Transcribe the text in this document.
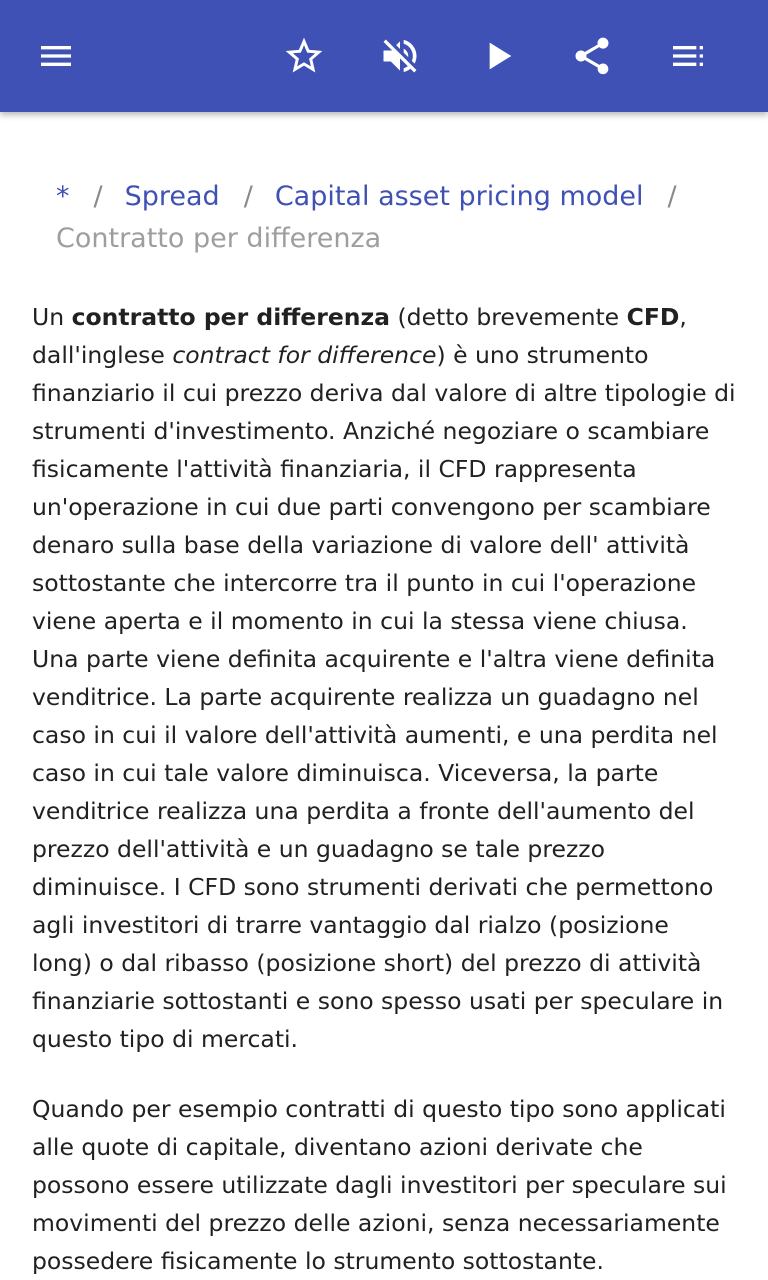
* / Spread / Capital asset pricing model /
Contratto per differenza

Un contratto per differenza (detto brevemente CFD, dall'inglese contract for difference) è uno strumento finanziario il cui prezzo deriva dal valore di altre tipologie di strumenti d'investimento. Anziché negoziare o scambiare fisicamente l'attività finanziaria, il CFD rappresenta un'operazione in cui due parti convengono per scambiare denaro sulla base della variazione di valore dell' attività sottostante che intercorre tra il punto in cui l'operazione viene aperta e il momento in cui la stessa viene chiusa. Una parte viene definita acquirente e l'altra viene definita venditrice. La parte acquirente realizza un guadagno nel caso in cui il valore dell'attività aumenti, e una perdita nel caso in cui tale valore diminuisca. Viceversa, la parte venditrice realizza una perdita a fronte dell'aumento del prezzo dell'attività e un guadagno se tale prezzo diminuisce. I CFD sono strumenti derivati che permettono agli investitori di trarre vantaggio dal rialzo (posizione long) o dal ribasso (posizione short) del prezzo di attività finanziarie sottostanti e sono spesso usati per speculare in questo tipo di mercati.

Quando per esempio contratti di questo tipo sono applicati alle quote di capitale, diventano azioni derivate che possono essere utilizzate dagli investitori per speculare sui movimenti del prezzo delle azioni, senza necessariamente possedere fisicamente lo strumento sottostante.
